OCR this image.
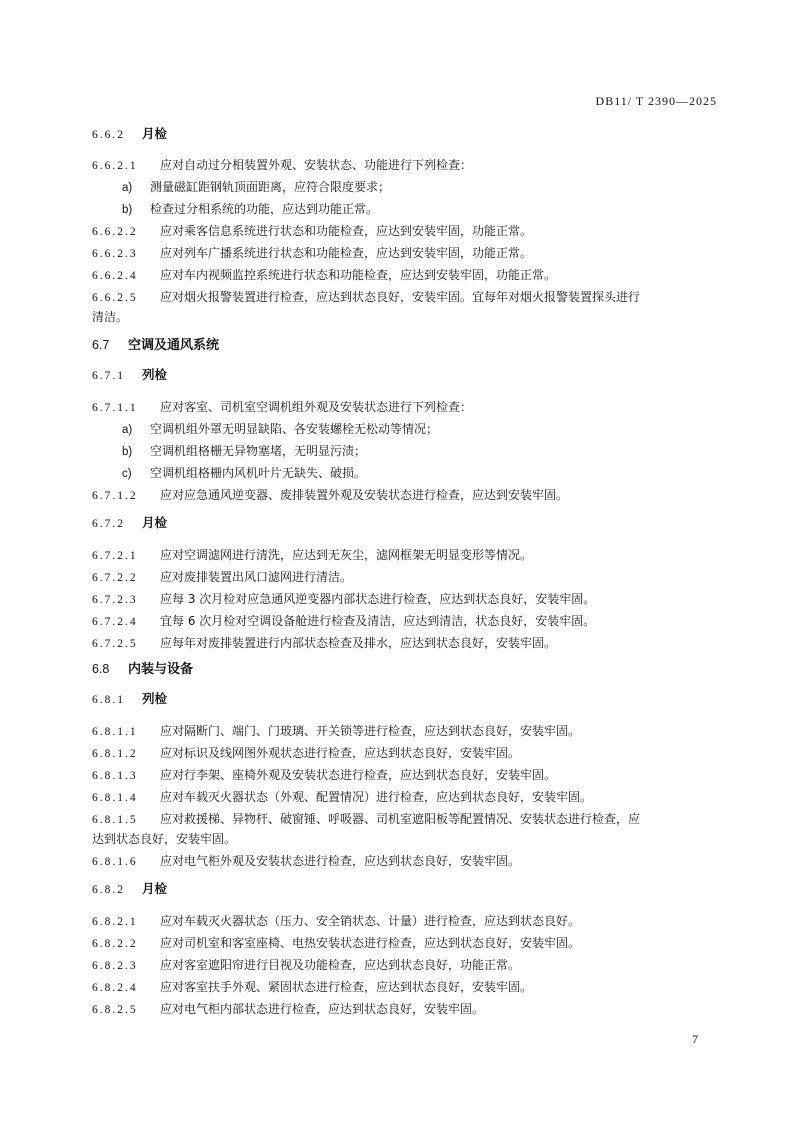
DB11/ T 2390—2025
6.6.2 月检
6.6.2.1 应对自动过分相装置外观、安装状态、功能进行下列检查：
a) 测量磁缸距钢轨顶面距离，应符合限度要求；
b) 检查过分相系统的功能，应达到功能正常。
6.6.2.2 应对乘客信息系统进行状态和功能检查，应达到安装牢固，功能正常。
6.6.2.3 应对列车广播系统进行状态和功能检查，应达到安装牢固，功能正常。
6.6.2.4 应对车内视频监控系统进行状态和功能检查，应达到安装牢固，功能正常。
6.6.2.5 应对烟火报警装置进行检查，应达到状态良好，安装牢固。宜每年对烟火报警装置探头进行
清洁。
6.7 空调及通风系统
6.7.1 列检
6.7.1.1 应对客室、司机室空调机组外观及安装状态进行下列检查：
a) 空调机组外罩无明显缺陷、各安装螺栓无松动等情况；
b) 空调机组格栅无异物塞堵，无明显污渍；
c) 空调机组格栅内风机叶片无缺失、破损。
6.7.1.2 应对应急通风逆变器、废排装置外观及安装状态进行检查，应达到安装牢固。
6.7.2 月检
6.7.2.1 应对空调滤网进行清洗，应达到无灰尘，滤网框架无明显变形等情况。
6.7.2.2 应对废排装置出风口滤网进行清洁。
6.7.2.3 应每 3 次月检对应急通风逆变器内部状态进行检查，应达到状态良好，安装牢固。
6.7.2.4 宜每 6 次月检对空调设备舱进行检查及清洁，应达到清洁，状态良好，安装牢固。
6.7.2.5 应每年对废排装置进行内部状态检查及排水，应达到状态良好，安装牢固。
6.8 内装与设备
6.8.1 列检
6.8.1.1 应对隔断门、端门、门玻璃、开关锁等进行检查，应达到状态良好，安装牢固。
6.8.1.2 应对标识及线网图外观状态进行检查，应达到状态良好，安装牢固。
6.8.1.3 应对行李架、座椅外观及安装状态进行检查，应达到状态良好，安装牢固。
6.8.1.4 应对车载灭火器状态（外观、配置情况）进行检查，应达到状态良好，安装牢固。
6.8.1.5 应对救援梯、异物杆、破窗锤、呼吸器、司机室遮阳板等配置情况、安装状态进行检查，应
达到状态良好，安装牢固。
6.8.1.6 应对电气柜外观及安装状态进行检查，应达到状态良好，安装牢固。
6.8.2 月检
6.8.2.1 应对车载灭火器状态（压力、安全销状态、计量）进行检查，应达到状态良好。
6.8.2.2 应对司机室和客室座椅、电热安装状态进行检查，应达到状态良好，安装牢固。
6.8.2.3 应对客室遮阳帘进行目视及功能检查，应达到状态良好，功能正常。
6.8.2.4 应对客室扶手外观、紧固状态进行检查，应达到状态良好，安装牢固。
6.8.2.5 应对电气柜内部状态进行检查，应达到状态良好，安装牢固。
7
